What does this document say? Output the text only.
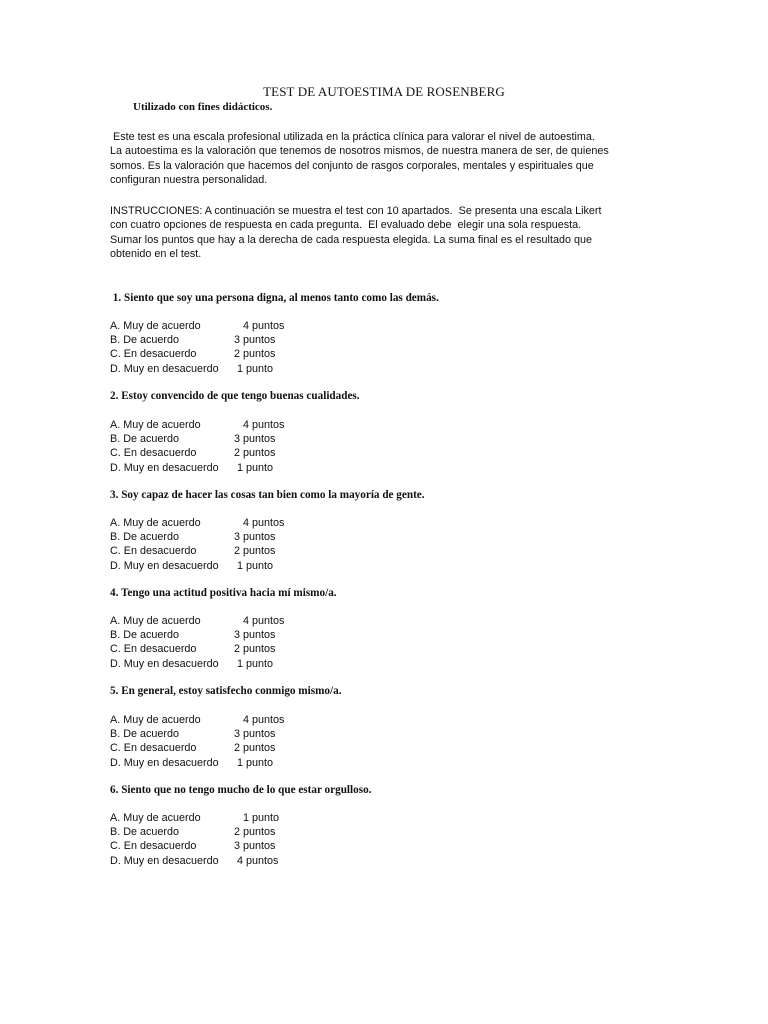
TEST DE AUTOESTIMA DE ROSENBERG

Utilizado con fines didácticos.

Este test es una escala profesional utilizada en la práctica clínica para valorar el nivel de autoestima.
La autoestima es la valoración que tenemos de nosotros mismos, de nuestra manera de ser, de quienes
somos. Es la valoración que hacemos del conjunto de rasgos corporales, mentales y espirituales que
configuran nuestra personalidad.
INSTRUCCIONES: A continuación se muestra el test con 10 apartados.  Se presenta una escala Likert
con cuatro opciones de respuesta en cada pregunta.  El evaluado debe  elegir una sola respuesta.
Sumar los puntos que hay a la derecha de cada respuesta elegida. La suma final es el resultado que
obtenido en el test.

1. Siento que soy una persona digna, al menos tanto como las demás.

A. Muy de acuerdo	4 puntos
B. De acuerdo	3 puntos
C. En desacuerdo	2 puntos
D. Muy en desacuerdo	1 punto

2. Estoy convencido de que tengo buenas cualidades.

A. Muy de acuerdo	4 puntos
B. De acuerdo	3 puntos
C. En desacuerdo	2 puntos
D. Muy en desacuerdo	1 punto

3. Soy capaz de hacer las cosas tan bien como la mayoría de gente.

A. Muy de acuerdo	4 puntos
B. De acuerdo	3 puntos
C. En desacuerdo	2 puntos
D. Muy en desacuerdo	1 punto

4. Tengo una actitud positiva hacia mí mismo/a.

A. Muy de acuerdo	4 puntos
B. De acuerdo	3 puntos
C. En desacuerdo	2 puntos
D. Muy en desacuerdo	1 punto

5. En general, estoy satisfecho conmigo mismo/a.

A. Muy de acuerdo	4 puntos
B. De acuerdo	3 puntos
C. En desacuerdo	2 puntos
D. Muy en desacuerdo	1 punto

6. Siento que no tengo mucho de lo que estar orgulloso.

A. Muy de acuerdo	1 punto
B. De acuerdo	2 puntos
C. En desacuerdo	3 puntos
D. Muy en desacuerdo	4 puntos
